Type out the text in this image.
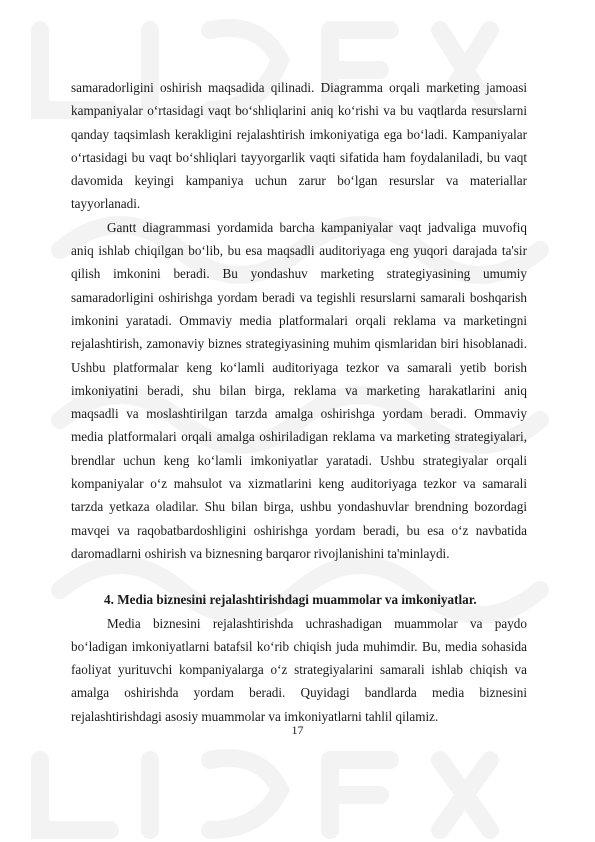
samaradorligini oshirish maqsadida qilinadi. Diagramma orqali marketing jamoasi kampaniyalar o‘rtasidagi vaqt bo‘shliqlarini aniq ko‘rishi va bu vaqtlarda resurslarni qanday taqsimlash kerakligini rejalashtirish imkoniyatiga ega bo‘ladi. Kampaniyalar o‘rtasidagi bu vaqt bo‘shliqlari tayyorgarlik vaqti sifatida ham foydalaniladi, bu vaqt davomida keyingi kampaniya uchun zarur bo‘lgan resurslar va materiallar tayyorlanadi.

Gantt diagrammasi yordamida barcha kampaniyalar vaqt jadvaliga muvofiq aniq ishlab chiqilgan bo‘lib, bu esa maqsadli auditoriyaga eng yuqori darajada ta'sir qilish imkonini beradi. Bu yondashuv marketing strategiyasining umumiy samaradorligini oshirishga yordam beradi va tegishli resurslarni samarali boshqarish imkonini yaratadi. Ommaviy media platformalari orqali reklama va marketingni rejalashtirish, zamonaviy biznes strategiyasining muhim qismlaridan biri hisoblanadi. Ushbu platformalar keng ko‘lamli auditoriyaga tezkor va samarali yetib borish imkoniyatini beradi, shu bilan birga, reklama va marketing harakatlarini aniq maqsadli va moslashtirilgan tarzda amalga oshirishga yordam beradi. Ommaviy media platformalari orqali amalga oshiriladigan reklama va marketing strategiyalari, brendlar uchun keng ko‘lamli imkoniyatlar yaratadi. Ushbu strategiyalar orqali kompaniyalar o‘z mahsulot va xizmatlarini keng auditoriyaga tezkor va samarali tarzda yetkaza oladilar. Shu bilan birga, ushbu yondashuvlar brendning bozordagi mavqei va raqobatbardoshligini oshirishga yordam beradi, bu esa o‘z navbatida daromadlarni oshirish va biznesning barqaror rivojlanishini ta'minlaydi.

4. Media biznesini rejalashtirishdagi muammolar va imkoniyatlar.

Media biznesini rejalashtirishda uchrashadigan muammolar va paydo bo‘ladigan imkoniyatlarni batafsil ko‘rib chiqish juda muhimdir. Bu, media sohasida faoliyat yurituvchi kompaniyalarga o‘z strategiyalarini samarali ishlab chiqish va amalga oshirishda yordam beradi. Quyidagi bandlarda media biznesini rejalashtirishdagi asosiy muammolar va imkoniyatlarni tahlil qilamiz.

17
